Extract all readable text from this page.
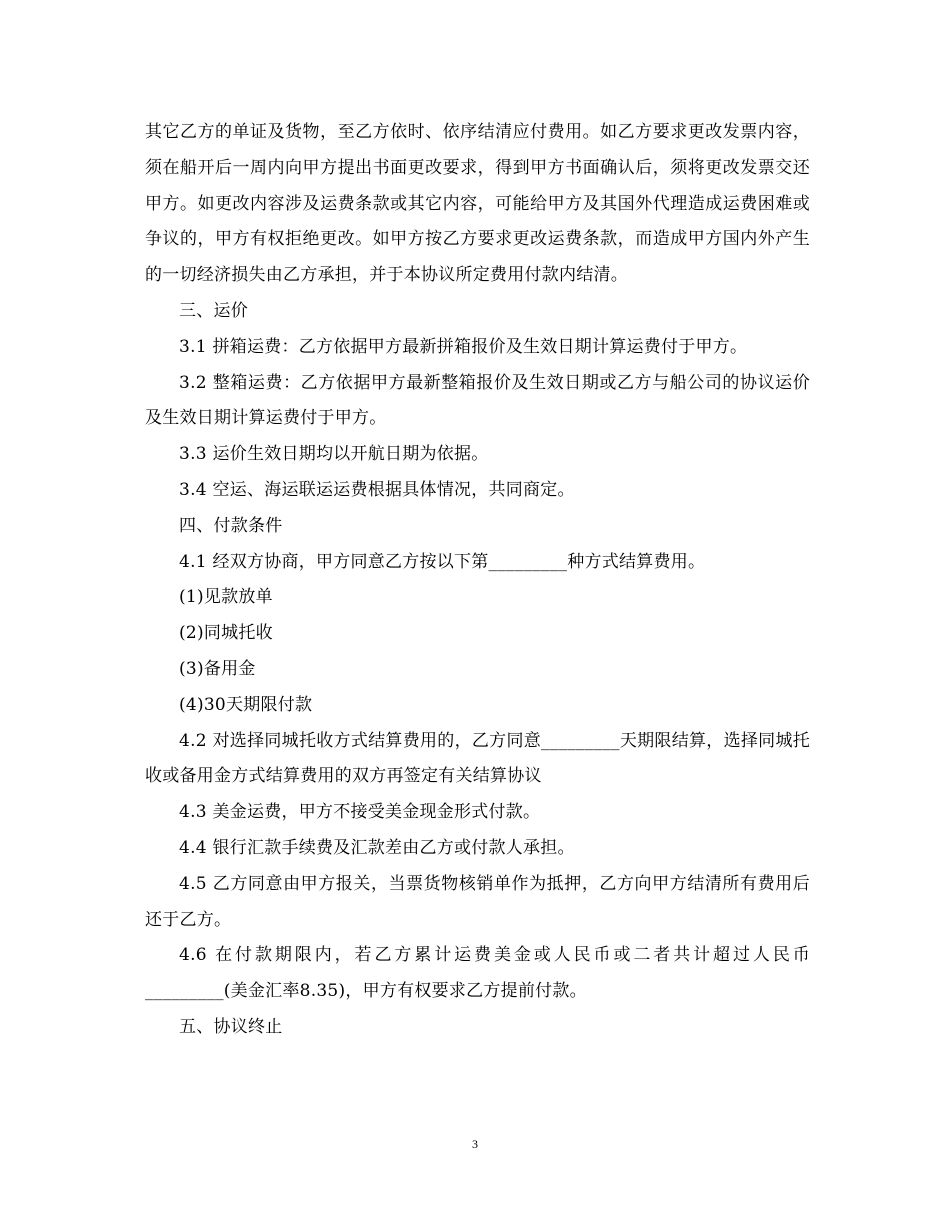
其它乙方的单证及货物，至乙方依时、依序结清应付费用。如乙方要求更改发票内容，须在船开后一周内向甲方提出书面更改要求，得到甲方书面确认后，须将更改发票交还甲方。如更改内容涉及运费条款或其它内容，可能给甲方及其国外代理造成运费困难或争议的，甲方有权拒绝更改。如甲方按乙方要求更改运费条款，而造成甲方国内外产生的一切经济损失由乙方承担，并于本协议所定费用付款内结清。

三、运价

3.1 拼箱运费：乙方依据甲方最新拼箱报价及生效日期计算运费付于甲方。

3.2 整箱运费：乙方依据甲方最新整箱报价及生效日期或乙方与船公司的协议运价及生效日期计算运费付于甲方。

3.3 运价生效日期均以开航日期为依据。

3.4 空运、海运联运运费根据具体情况，共同商定。

四、付款条件

4.1 经双方协商，甲方同意乙方按以下第_________种方式结算费用。

(1)见款放单

(2)同城托收

(3)备用金

(4)30天期限付款

4.2 对选择同城托收方式结算费用的，乙方同意_________天期限结算，选择同城托收或备用金方式结算费用的双方再签定有关结算协议

4.3 美金运费，甲方不接受美金现金形式付款。

4.4 银行汇款手续费及汇款差由乙方或付款人承担。

4.5 乙方同意由甲方报关，当票货物核销单作为抵押，乙方向甲方结清所有费用后还于乙方。

4.6 在付款期限内，若乙方累计运费美金或人民币或二者共计超过人民币_________(美金汇率8.35)，甲方有权要求乙方提前付款。

五、协议终止

3
